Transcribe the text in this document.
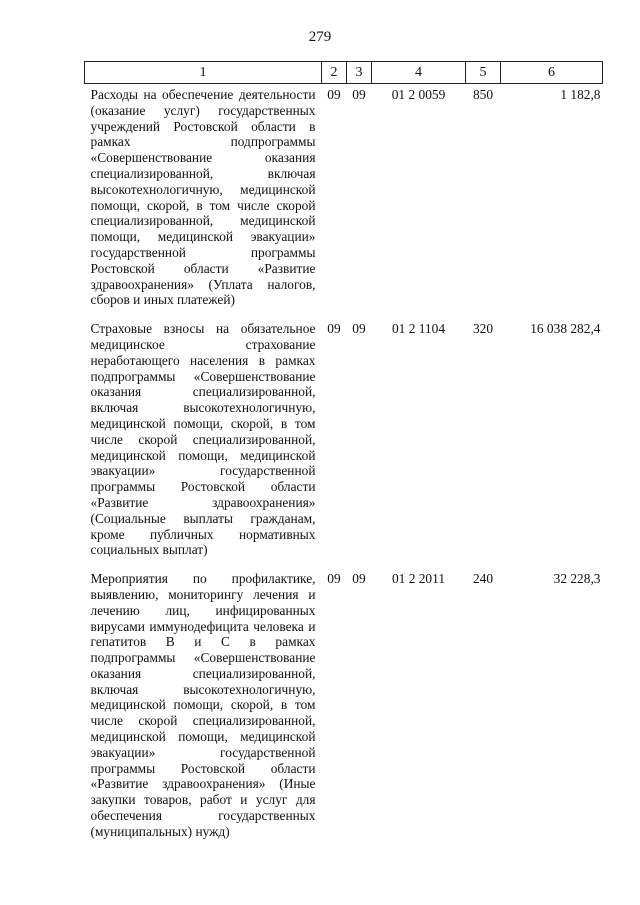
279
1	2	3	4	5	6
Расходы на обеспечение деятельности (оказание услуг) государственных учреждений Ростовской области в рамках подпрограммы «Совершенствование оказания специализированной, включая высокотехнологичную, медицинской помощи, скорой, в том числе скорой специализированной, медицинской помощи, медицинской эвакуации» государственной программы Ростовской области «Развитие здравоохранения» (Уплата налогов, сборов и иных платежей)	09	09	01 2 0059	850	1 182,8
Страховые взносы на обязательное медицинское страхование неработающего населения в рамках подпрограммы «Совершенствование оказания специализированной, включая высокотехнологичную, медицинской помощи, скорой, в том числе скорой специализированной, медицинской помощи, медицинской эвакуации» государственной программы Ростовской области «Развитие здравоохранения» (Социальные выплаты гражданам, кроме публичных нормативных социальных выплат)	09	09	01 2 1104	320	16 038 282,4
Мероприятия по профилактике, выявлению, мониторингу лечения и лечению лиц, инфицированных вирусами иммунодефицита человека и гепатитов В и С в рамках подпрограммы «Совершенствование оказания специализированной, включая высокотехнологичную, медицинской помощи, скорой, в том числе скорой специализированной, медицинской помощи, медицинской эвакуации» государственной программы Ростовской области «Развитие здравоохранения» (Иные закупки товаров, работ и услуг для обеспечения государственных (муниципальных) нужд)	09	09	01 2 2011	240	32 228,3
